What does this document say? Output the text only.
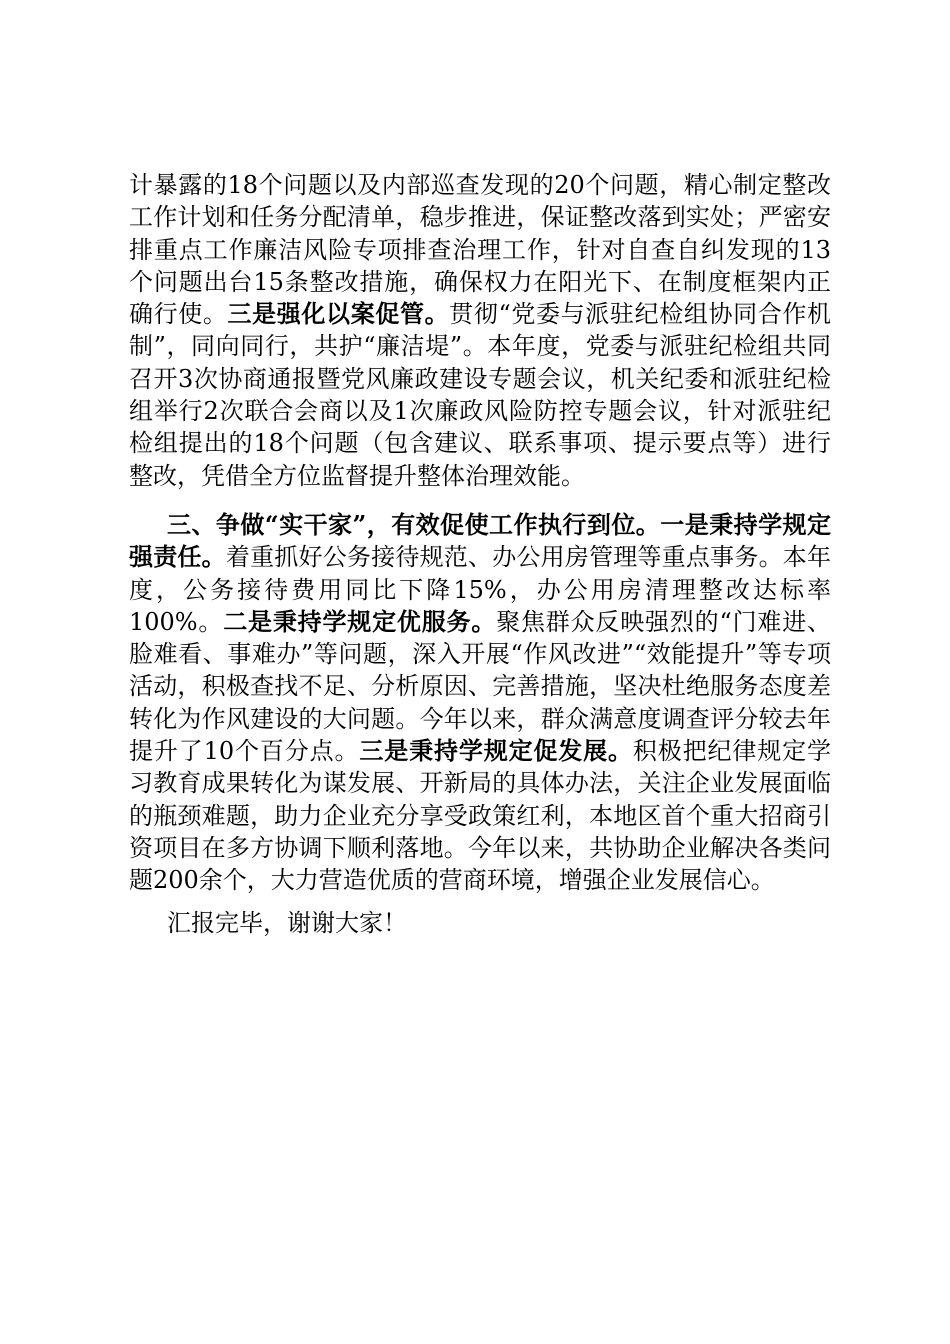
计暴露的18个问题以及内部巡查发现的20个问题，精心制定整改工作计划和任务分配清单，稳步推进，保证整改落到实处；严密安排重点工作廉洁风险专项排查治理工作，针对自查自纠发现的13个问题出台15条整改措施，确保权力在阳光下、在制度框架内正确行使。三是强化以案促管。贯彻“党委与派驻纪检组协同合作机制”，同向同行，共护“廉洁堤”。本年度，党委与派驻纪检组共同召开3次协商通报暨党风廉政建设专题会议，机关纪委和派驻纪检组举行2次联合会商以及1次廉政风险防控专题会议，针对派驻纪检组提出的18个问题（包含建议、联系事项、提示要点等）进行整改，凭借全方位监督提升整体治理效能。

三、争做“实干家”，有效促使工作执行到位。一是秉持学规定强责任。着重抓好公务接待规范、办公用房管理等重点事务。本年度，公务接待费用同比下降15%，办公用房清理整改达标率100%。二是秉持学规定优服务。聚焦群众反映强烈的“门难进、脸难看、事难办”等问题，深入开展“作风改进”“效能提升”等专项活动，积极查找不足、分析原因、完善措施，坚决杜绝服务态度差转化为作风建设的大问题。今年以来，群众满意度调查评分较去年提升了10个百分点。三是秉持学规定促发展。积极把纪律规定学习教育成果转化为谋发展、开新局的具体办法，关注企业发展面临的瓶颈难题，助力企业充分享受政策红利，本地区首个重大招商引资项目在多方协调下顺利落地。今年以来，共协助企业解决各类问题200余个，大力营造优质的营商环境，增强企业发展信心。

汇报完毕，谢谢大家！
